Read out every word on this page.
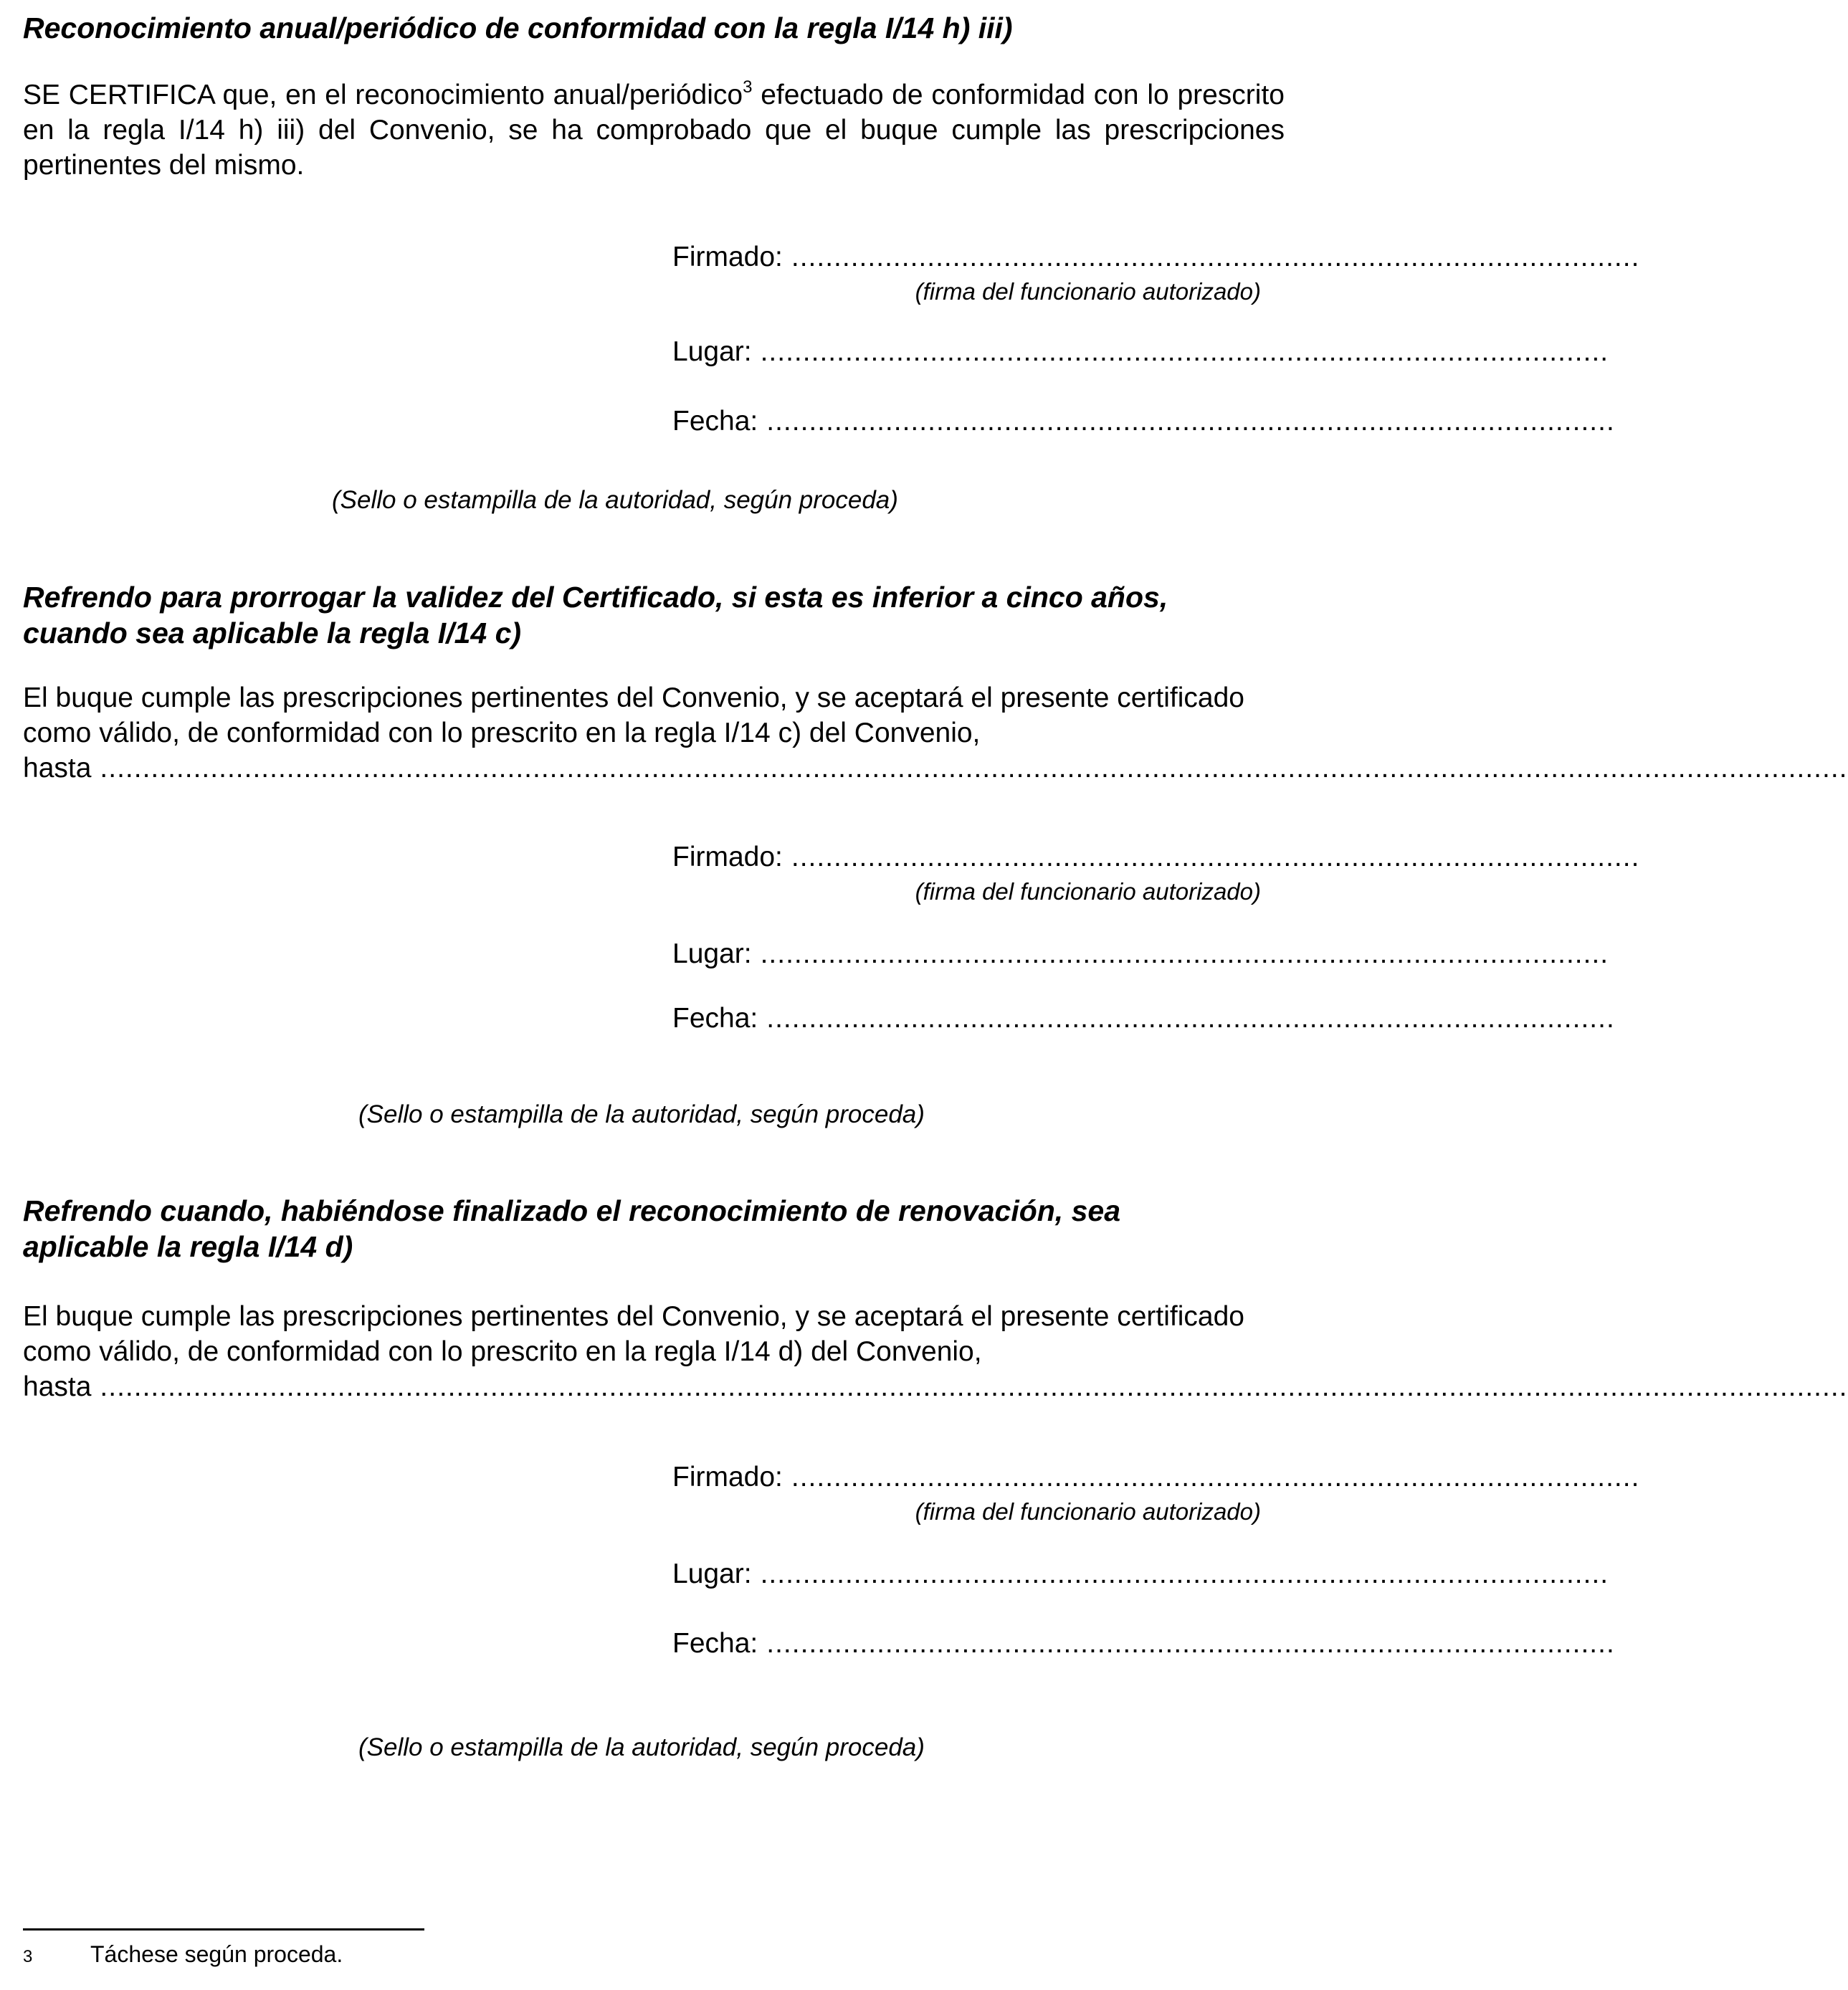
Reconocimiento anual/periódico de conformidad con la regla I/14 h) iii)

SE CERTIFICA que, en el reconocimiento anual/periódico$^3$ efectuado de conformidad con lo prescrito en la regla I/14 h) iii) del Convenio, se ha comprobado que el buque cumple las prescripciones pertinentes del mismo.

Firmado: ....................................................................................................
(firma del funcionario autorizado)
Lugar: ....................................................................................................
Fecha: ....................................................................................................
(Sello o estampilla de la autoridad, según proceda)

Refrendo para prorrogar la validez del Certificado, si esta es inferior a cinco años,
cuando sea aplicable la regla I/14 c)

El buque cumple las prescripciones pertinentes del Convenio, y se aceptará el presente certificado como válido, de conformidad con lo prescrito en la regla I/14 c) del Convenio,

hasta ..............................................................................................................................................................................................................
Firmado: ....................................................................................................
(firma del funcionario autorizado)
Lugar: ....................................................................................................
Fecha: ....................................................................................................
(Sello o estampilla de la autoridad, según proceda)

Refrendo cuando, habiéndose finalizado el reconocimiento de renovación, sea
aplicable la regla I/14 d)

El buque cumple las prescripciones pertinentes del Convenio, y se aceptará el presente certificado como válido, de conformidad con lo prescrito en la regla I/14 d) del Convenio,

hasta ..............................................................................................................................................................................................................
Firmado: ....................................................................................................
(firma del funcionario autorizado)
Lugar: ....................................................................................................
Fecha: ....................................................................................................
(Sello o estampilla de la autoridad, según proceda)
3	Táchese según proceda.
